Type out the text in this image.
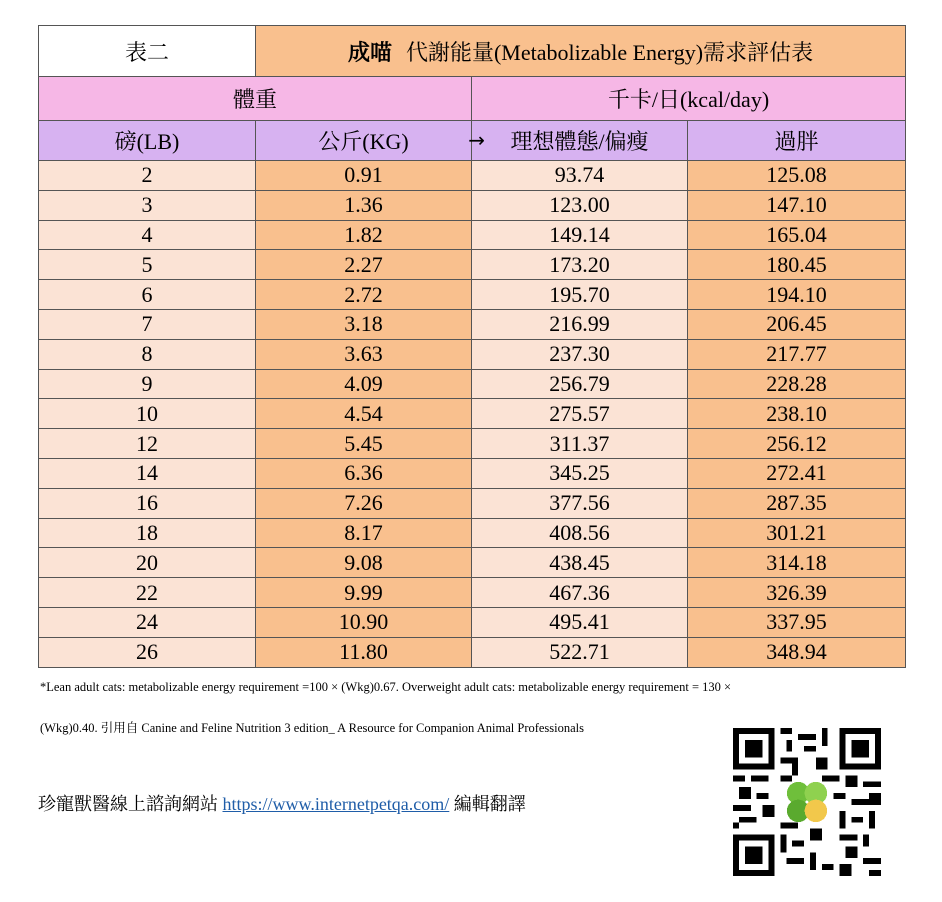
表二	成喵 代謝能量(Metabolizable Energy)需求評估表		
體重		千卡/日(kcal/day)	
磅(LB)	公斤(KG) →	理想體態/偏瘦	過胖
2	0.91	93.74	125.08
3	1.36	123.00	147.10
4	1.82	149.14	165.04
5	2.27	173.20	180.45
6	2.72	195.70	194.10
7	3.18	216.99	206.45
8	3.63	237.30	217.77
9	4.09	256.79	228.28
10	4.54	275.57	238.10
12	5.45	311.37	256.12
14	6.36	345.25	272.41
16	7.26	377.56	287.35
18	8.17	408.56	301.21
20	9.08	438.45	314.18
22	9.99	467.36	326.39
24	10.90	495.41	337.95
26	11.80	522.71	348.94
*Lean adult cats: metabolizable energy requirement =100 × (Wkg)0.67. Overweight adult cats: metabolizable energy requirement = 130 ×
(Wkg)0.40. 引用自 Canine and Feline Nutrition 3 edition_ A Resource for Companion Animal Professionals
珍寵獸醫線上諮詢網站 https://www.internetpetqa.com/ 編輯翻譯
